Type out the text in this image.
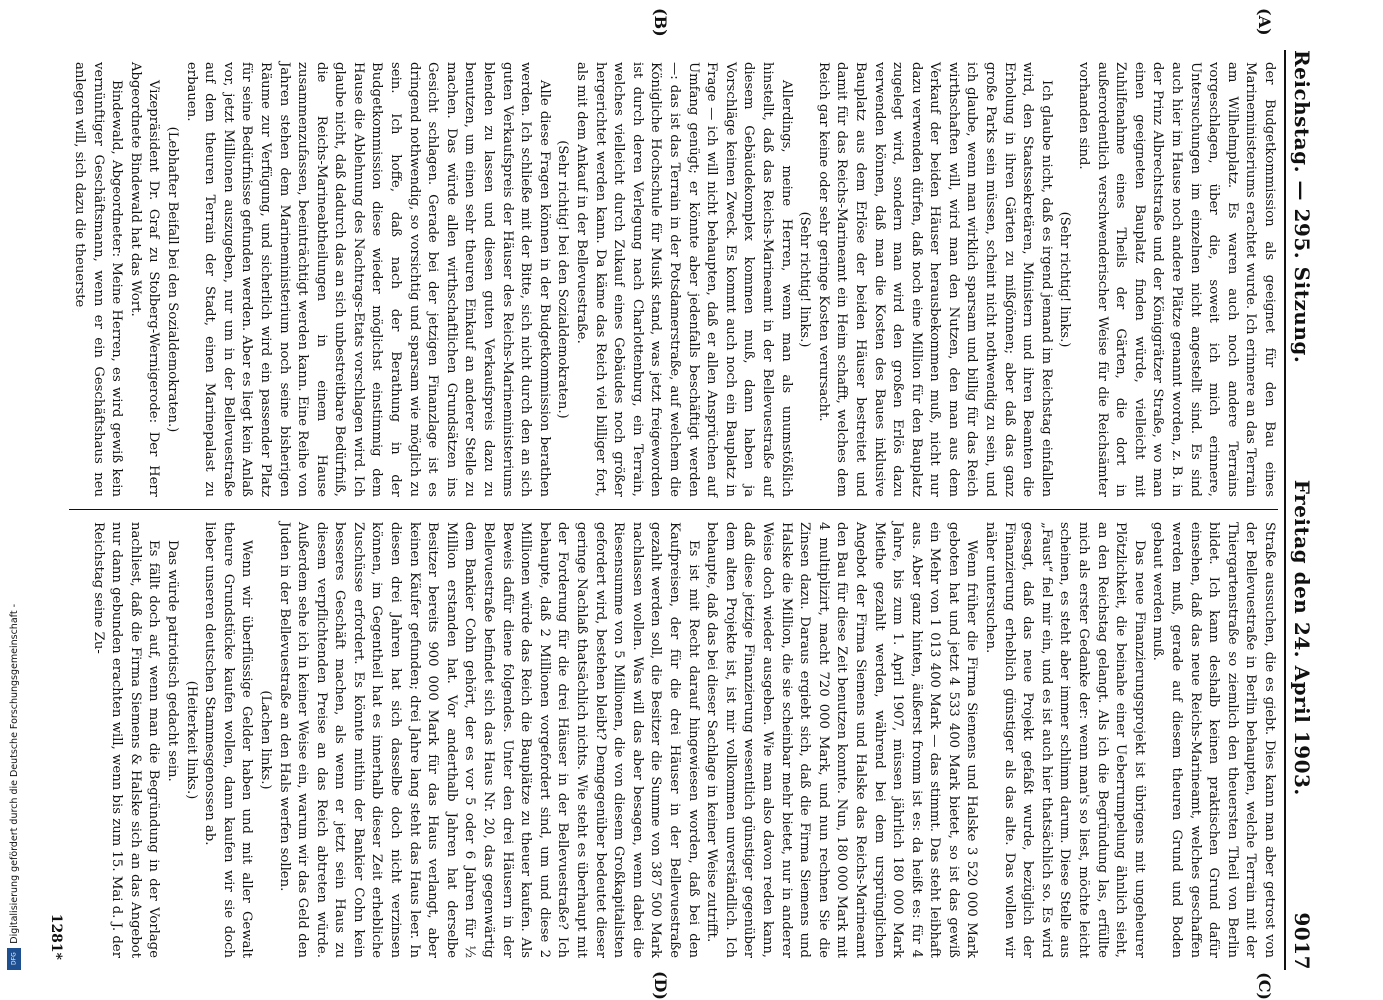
Reichstag. — 295. Sitzung.
Freitag den 24. April 1903.
9017

der Budgetkommission als geeignet für den Bau eines Marineministeriums erachtet wurde. Ich erinnere an das Terrain am Wilhelmplatz. Es waren auch noch andere Terrains vorgeschlagen, über die, soweit ich mich erinnere, Untersuchungen im einzelnen nicht angestellt sind. Es sind auch hier im Hause noch andere Plätze genannt worden, z. B. in der Prinz Albrechtstraße und der Königgrätzer Straße, wo man einen geeigneten Bauplatz finden würde, vielleicht mit Zuhilfenahme eines Theils der Gärten, die dort in außerordentlich verschwenderischer Weise für die Reichsämter vorhanden sind.

(Sehr richtig! links.)

Ich glaube nicht, daß es irgend jemand im Reichstag einfallen wird, den Staatssekretären, Ministern und ihren Beamten die Erholung in ihren Gärten zu mißgönnen; aber daß das ganz große Parks sein müssen, scheint nicht nothwendig zu sein, und ich glaube, wenn man wirklich sparsam und billig für das Reich wirthschaften will, wird man den Nutzen, den man aus dem Verkauf der beiden Häuser herausbekommen muß, nicht nur dazu verwenden dürfen, daß noch eine Million für den Bauplatz zugelegt wird, sondern man wird den großen Erlös dazu verwenden können, daß man die Kosten des Baues inklusive Bauplatz aus dem Erlöse der beiden Häuser bestreitet und damit für das Reichs-Marineamt ein Heim schafft, welches dem Reich gar keine oder sehr geringe Kosten verursacht.

(Sehr richtig! links.)

Allerdings, meine Herren, wenn man als unumstößlich hinstellt, daß das Reichs-Marineamt in der Bellevuestraße auf diesem Gebäudekomplex kommen muß, dann haben ja Vorschläge keinen Zweck. Es kommt auch noch ein Bauplatz in Frage — ich will nicht behaupten, daß er allen Ansprüchen auf Umfang genügt; er könnte aber jedenfalls beschäftigt werden —: das ist das Terrain in der Potsdamerstraße, auf welchem die Königliche Hochschule für Musik stand, was jetzt freigeworden ist durch deren Verlegung nach Charlottenburg, ein Terrain, welches vielleicht durch Zukauf eines Gebäudes noch größer hergerichtet werden kann. Da käme das Reich viel billiger fort, als mit dem Ankauf in der Bellevuestraße.

(Sehr richtig! bei den Sozialdemokraten.)

Alle diese Fragen können in der Budgetkommission berathen werden. Ich schließe mit der Bitte, sich nicht durch den an sich guten Verkaufspreis der Häuser des Reichs-Marineministeriums blenden zu lassen und diesen guten Verkaufspreis dazu zu benutzen, um einen sehr theuren Einkauf an anderer Stelle zu machen. Das würde allen wirthschaftlichen Grundsätzen ins Gesicht schlagen. Gerade bei der jetzigen Finanzlage ist es dringend nothwendig, so vorsichtig und sparsam wie möglich zu sein. Ich hoffe, daß nach der Berathung in der Budgetkommission diese wieder möglichst einstimmig dem Hause die Ablehnung des Nachtrags-Etats vorschlagen wird. Ich glaube nicht, daß dadurch das an sich unbestreitbare Bedürfniß, die Reichs-Marineabtheilungen in einem Hause zusammenzufassen, beeinträchtigt werden kann. Eine Reihe von Jahren stehen dem Marineministerium noch seine bisherigen Räume zur Verfügung, und sicherlich wird ein passender Platz für seine Bedürfnisse gefunden werden. Aber es liegt kein Anlaß vor, jetzt Millionen auszugeben, nur um in der Bellevuestraße auf dem theuren Terrain der Stadt, einen Marinepalast zu erbauen.

(Lebhafter Beifall bei den Sozialdemokraten.)

Vizepräsident Dr. Graf zu Stolberg-Wernigerode: Der Herr Abgeordnete Bindewald hat das Wort.

Bindewald, Abgeordneter: Meine Herren, es wird gewiß kein vernünftiger Geschäftsmann, wenn er ein Geschäftshaus neu anlegen will, sich dazu die theuerste

Straße aussuchen, die es giebt. Dies kann man aber getrost von der Bellevuestraße in Berlin behaupten, welche Terrain mit der Thiergartenstraße so ziemlich den theuersten Theil von Berlin bildet. Ich kann deshalb keinen praktischen Grund dafür einsehen, daß das neue Reichs-Marineamt, welches geschaffen werden muß, gerade auf diesem theuren Grund und Boden gebaut werden muß.

Das neue Finanzierungsprojekt ist übrigens mit ungeheurer Plötzlichkeit, die beinahe einer Ueberrumpelung ähnlich sieht, an den Reichstag gelangt. Als ich die Begründung las, erfüllte mich als erster Gedanke der: wenn man's so liest, möchte leicht scheinen, es steht aber immer schlimm darum. Diese Stelle aus „Faust“ fiel mir ein, und es ist auch hier thatsächlich so. Es wird gesagt, daß das neue Projekt gefaßt wurde, bezüglich der Finanzierung erheblich günstiger als das alte. Das wollen wir näher untersuchen.

Wenn früher die Firma Siemens und Halske 3 520 000 Mark geboten hat und jetzt 4 533 400 Mark bietet, so ist das gewiß ein Mehr von 1 013 400 Mark — das stimmt. Das steht leibhaft aus. Aber ganz hinten, äußerst fromm ist es: da heißt es: für 4 Jahre, bis zum 1. April 1907, müssen jährlich 180 000 Mark Miethe gezahlt werden, während bei dem ursprünglichen Angebot der Firma Siemens und Halske das Reichs-Marineamt den Bau für diese Zeit benutzen konnte. Nun, 180 000 Mark mit 4 multiplizirt, macht 720 000 Mark, und nun rechnen Sie die Zinsen dazu. Daraus ergiebt sich, daß die Firma Siemens und Halske die Million, die sie scheinbar mehr bietet, nur in anderer Weise doch wieder ausgeben. Wie man also davon reden kann, daß diese jetzige Finanzierung wesentlich günstiger gegenüber dem alten Projekte ist, ist mir vollkommen unverständlich. Ich behaupte, daß das bei dieser Sachlage in keiner Weise zutrifft.

Es ist mit Recht darauf hingewiesen worden, daß bei den Kaufpreisen, der für die drei Häuser in der Bellevuestraße gezahlt werden soll, die Besitzer die Summe von 387 500 Mark nachlassen wollen. Was will das aber besagen, wenn dabei die Riesensumme von 5 Millionen, die von diesem Großkapitalisten gefordert wird, bestehen bleibt? Demgegenüber bedeutet dieser geringe Nachlaß thatsächlich nichts. Wie steht es überhaupt mit der Forderung für die drei Häuser in der Bellevuestraße? Ich behaupte, daß 2 Millionen vorgefordert sind, um und diese 2 Millionen würde das Reich die Bauplätze zu theuer kaufen. Als Beweis dafür diene folgendes. Unter den drei Häusern in der Bellevuestraße befindet sich das Haus Nr. 20, das gegenwärtig dem Bankier Cohn gehört, der es vor 5 oder 6 Jahren für ½ Million erstanden hat. Vor anderthalb Jahren hat derselbe Besitzer bereits 900 000 Mark für das Haus verlangt, aber keinen Käufer gefunden; drei Jahre lang steht das Haus leer. In diesen drei Jahren hat sich dasselbe doch nicht verzinsen können, im Gegentheil hat es innerhalb dieser Zeit erhebliche Zuschüsse erfordert. Es könnte mithin der Bankier Cohn kein besseres Geschäft machen, als wenn er jetzt sein Haus zu diesem verpflichtenden Preise an das Reich abtreten würde. Außerdem sehe ich in keiner Weise ein, warum wir das Geld den Juden in der Bellevuestraße an den Hals werfen sollen.

(Lachen links.)

Wenn wir überflüssige Gelder haben und mit aller Gewalt theure Grundstücke kaufen wollen, dann kaufen wir sie doch lieber unseren deutschen Stammesgenossen ab.

(Heiterkeit links.)

Das würde patriotisch gedacht sein.

Es fällt doch auf, wenn man die Begründung in der Vorlage nachliest, daß die Firma Siemens & Halske sich an das Angebot nur dann gebunden erachten will, wenn bis zum 15. Mai d. J. der Reichstag seine Zu-

(A)
(B)
(C)
(D)
1281*
Digitalisierung gefördert durch die Deutsche Forschungsgemeinschaft -
DFG
